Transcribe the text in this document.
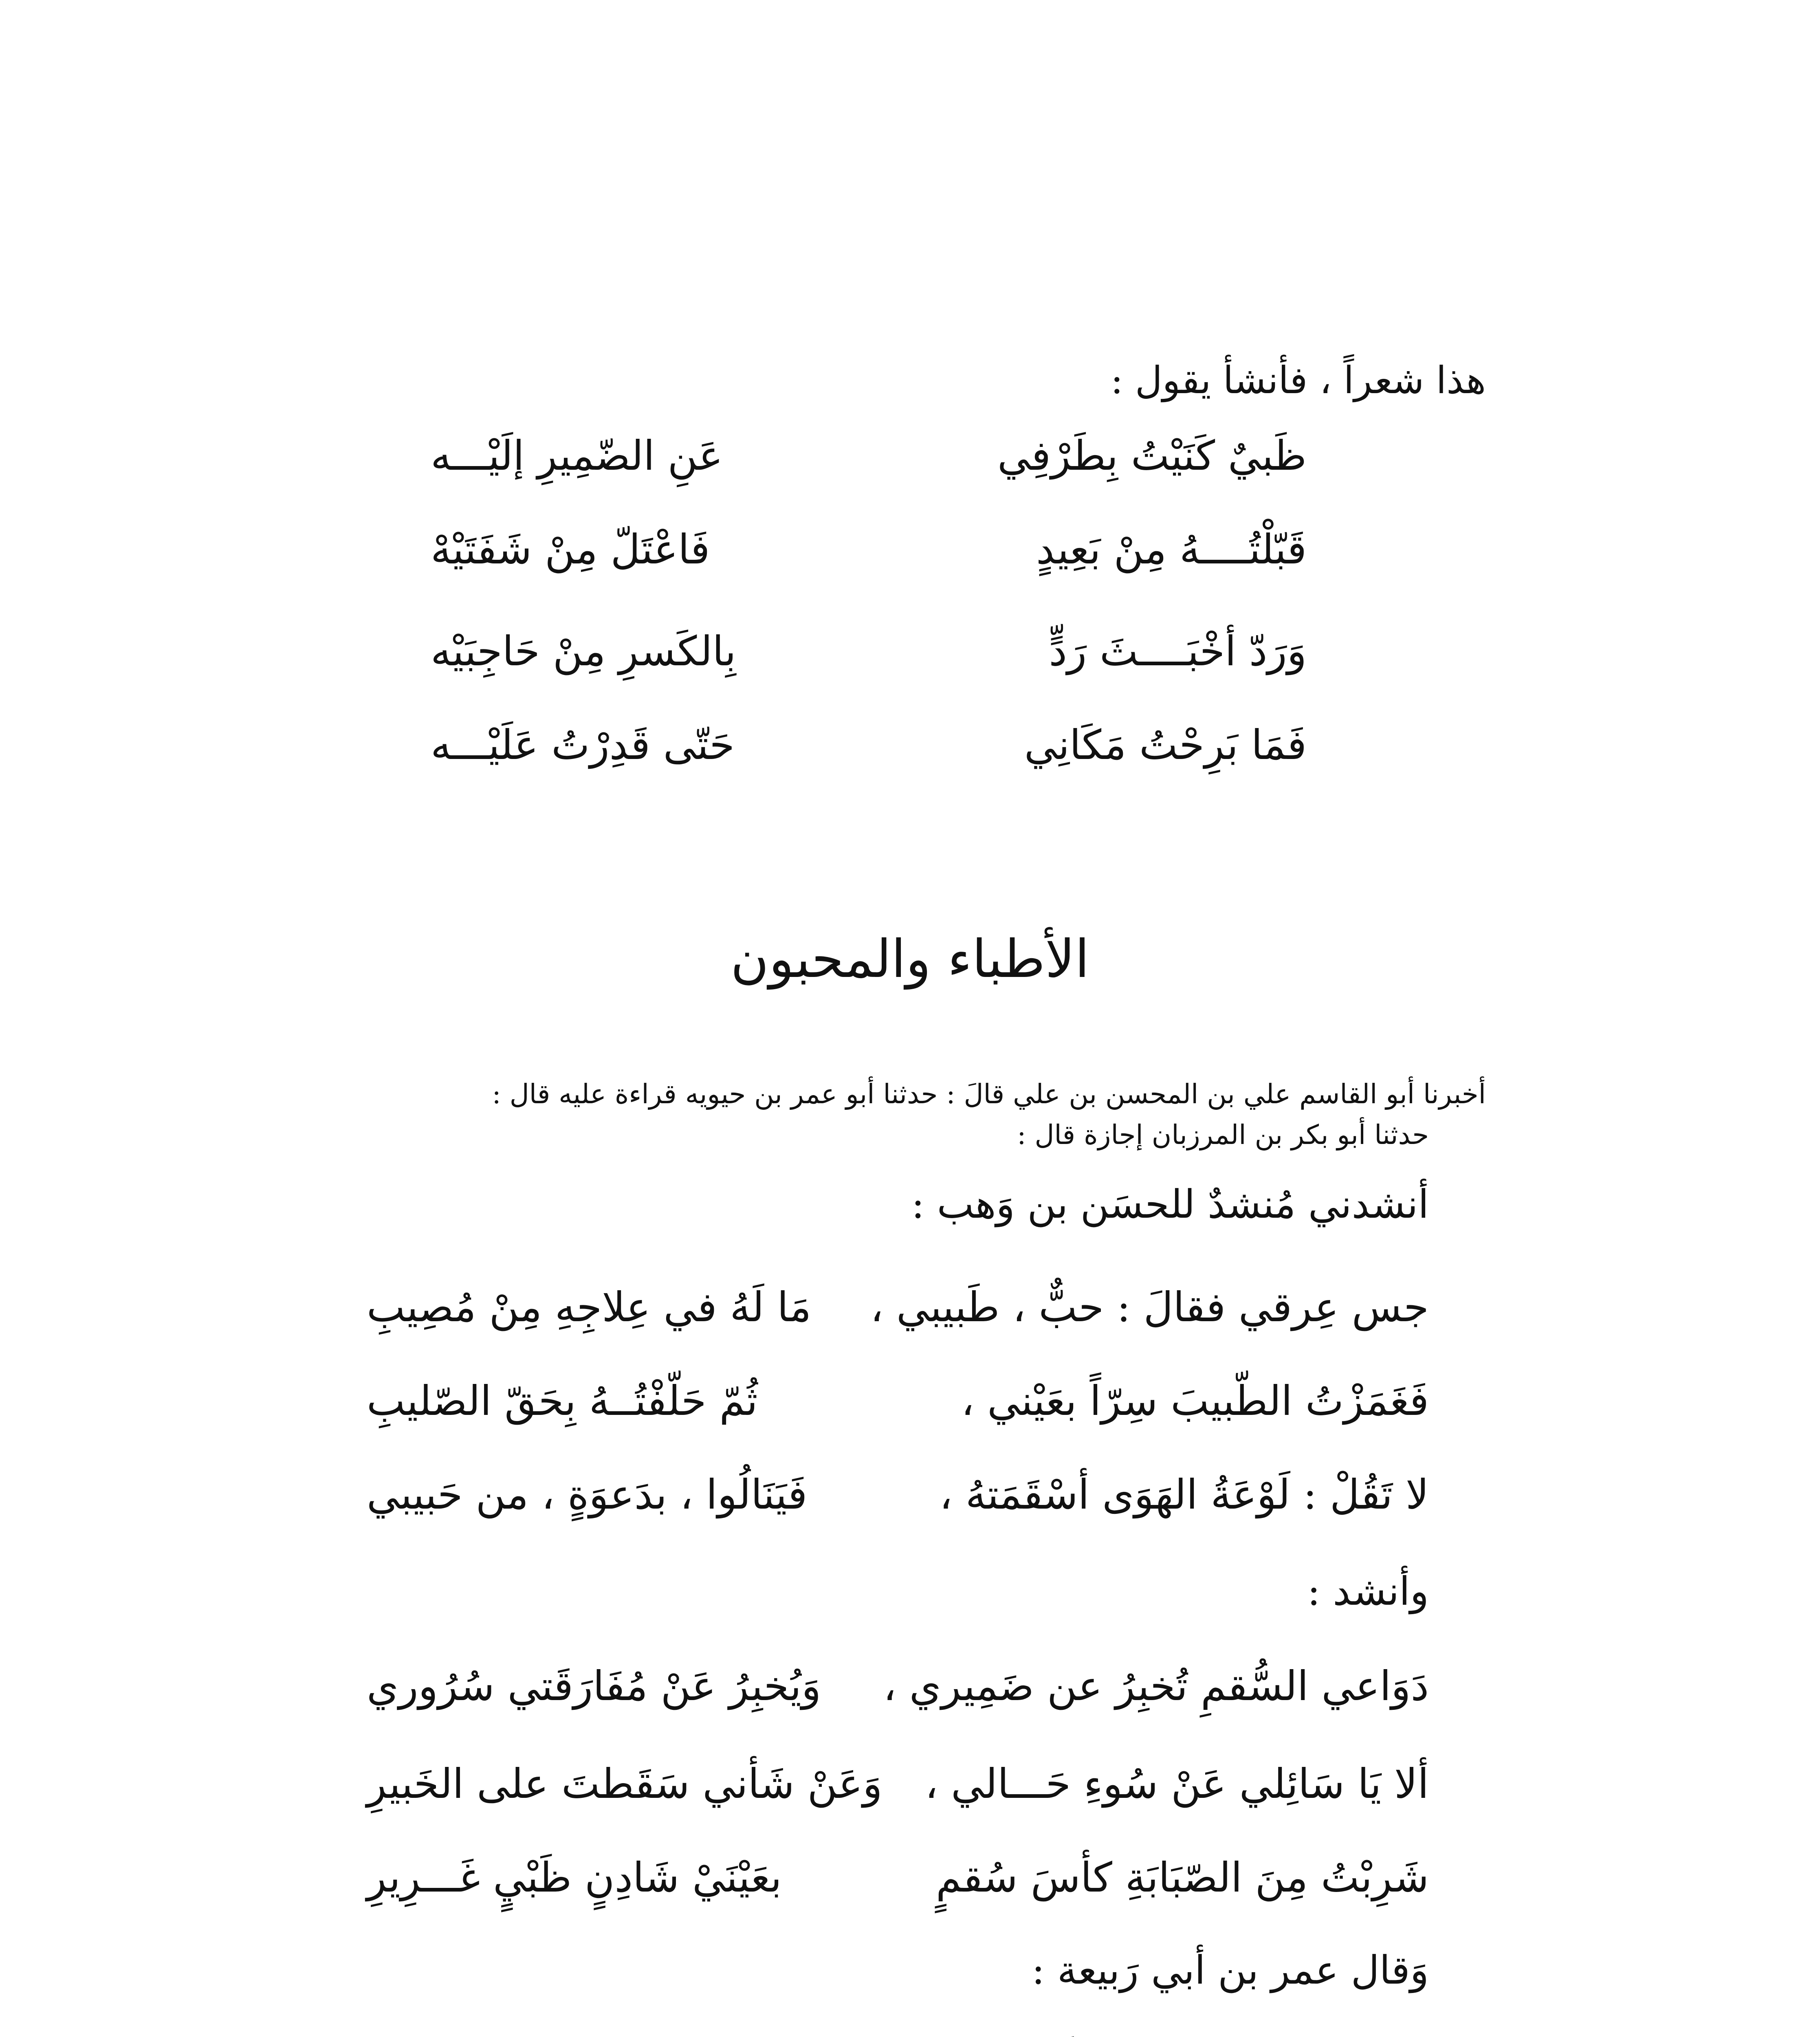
هذا شعراً ، فأنشأ يقول :
ظَبيٌ كَنَيْتُ بِطَرْفِي
عَنِ الضّمِيرِ إلَيْـــه
قَبّلْتُــــهُ مِنْ بَعِيدٍ
فَاعْتَلّ مِنْ شَفَتَيْهْ
وَرَدّ أخْبَــــثَ رَدٍّ
بِالكَسرِ مِنْ حَاجِبَيْه
فَمَا بَرِحْتُ مَكَانِي
حَتّى قَدِرْتُ عَلَيْـــه
الأطباء والمحبون
أخبرنا أبو القاسم علي بن المحسن بن علي قالَ : حدثنا أبو عمر بن حيويه قراءة عليه قال :
حدثنا أبو بكر بن المرزبان إجازة قال :
أنشدني مُنشدٌ للحسَن بن وَهب :
جس عِرقي فقالَ : حبٌّ ، طَبيبي ،
مَا لَهُ في عِلاجِهِ مِنْ مُصِيبِ
فَغَمَزْتُ الطّبيبَ سِرّاً بعَيْني ،
ثُمّ حَلّفْتُــهُ بِحَقّ الصّليبِ
لا تَقُلْ : لَوْعَةُ الهَوَى أسْقَمَتهُ ،
فَيَنَالُوا ، بدَعوَةٍ ، من حَبيبي
وأنشد :
دَوَاعي السُّقمِ تُخبِرُ عن ضَمِيري ،
وَيُخبِرُ عَنْ مُفَارَقَتي سُرُوري
ألا يَا سَائِلي عَنْ سُوءِ حَـــالي ،
وَعَنْ شَأني سَقَطتَ على الخَبيرِ
شَرِبْتُ مِنَ الصّبَابَةِ كأسَ سُقمٍ
بعَيْنَيْ شَادِنٍ ظَبْيٍ غَـــرِيرِ
وَقال عمر بن أبي رَبيعة :
